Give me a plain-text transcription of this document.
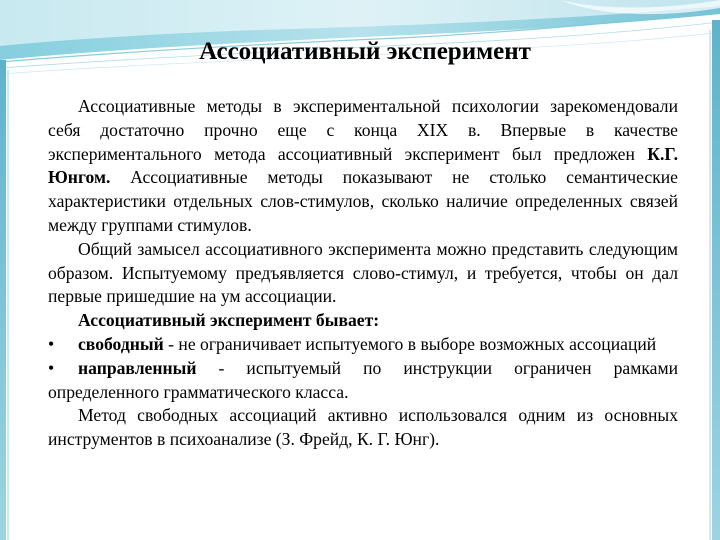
Ассоциативный эксперимент

Ассоциативные методы в экспериментальной психологии зарекомендовали себя достаточно прочно еще с конца XIX в. Впервые в качестве экспериментального метода ассоциативный эксперимент был предложен К.Г. Юнгом. Ассоциативные методы показывают не столько семантические характеристики отдельных слов-стимулов, сколько наличие определенных связей между группами стимулов.

Общий замысел ассоциативного эксперимента можно представить следующим образом. Испытуемому предъявляется слово-стимул, и требуется, чтобы он дал первые пришедшие на ум ассоциации.

Ассоциативный эксперимент бывает:

• свободный - не ограничивает испытуемого в выборе возможных ассоциаций

• направленный - испытуемый по инструкции ограничен рамками определенного грамматического класса.

Метод свободных ассоциаций активно использовался одним из основных инструментов в психоанализе (З. Фрейд, К. Г. Юнг).
